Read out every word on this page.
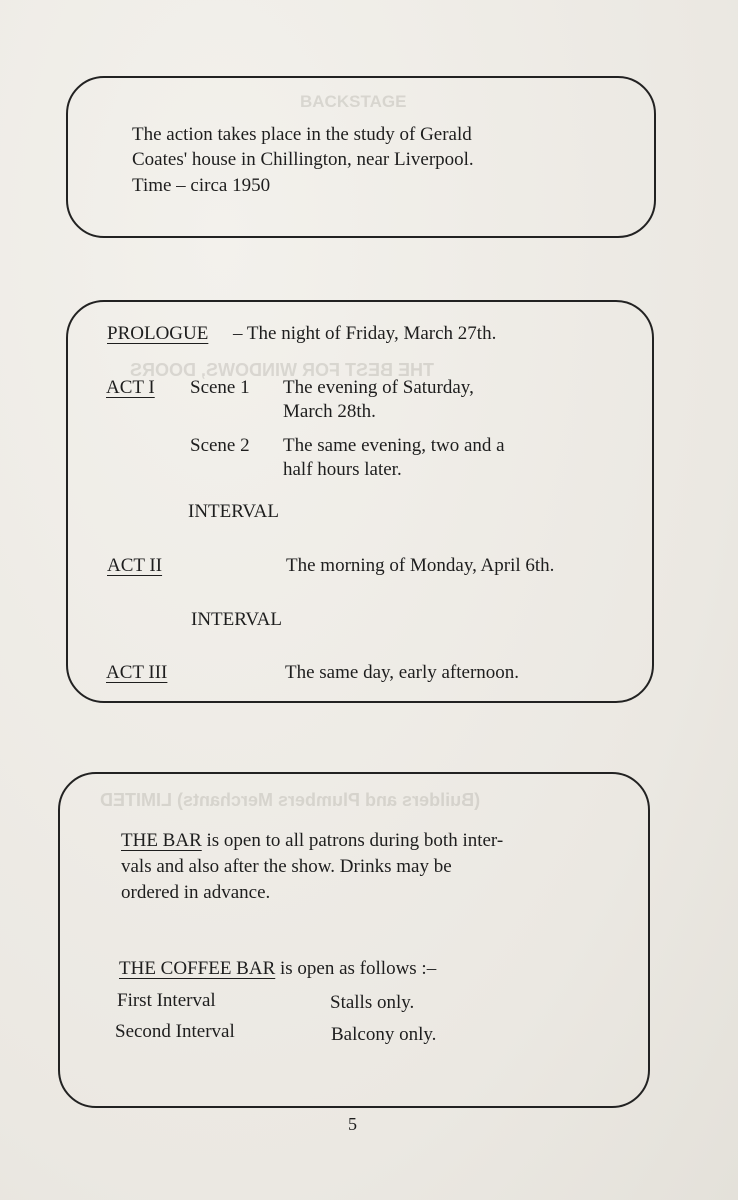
BACKSTAGE
(Builders and Plumbers Merchants) LIMITED
THE BEST FOR WINDOWS, DOORS
The action takes place in the study of Gerald
Coates' house in Chillington, near Liverpool.
Time – circa 1950
PROLOGUE – The night of Friday, March 27th.
ACT I Scene 1 The evening of Saturday,
March 28th.
Scene 2 The same evening, two and a
half hours later.
INTERVAL
ACT II	The morning of Monday, April 6th.
INTERVAL
ACT III	The same day, early afternoon.
THE BAR is open to all patrons during both inter-
vals and also after the show. Drinks may be
ordered in advance.
THE COFFEE BAR is open as follows :–
First Interval	Stalls only.
Second Interval	Balcony only.
5
